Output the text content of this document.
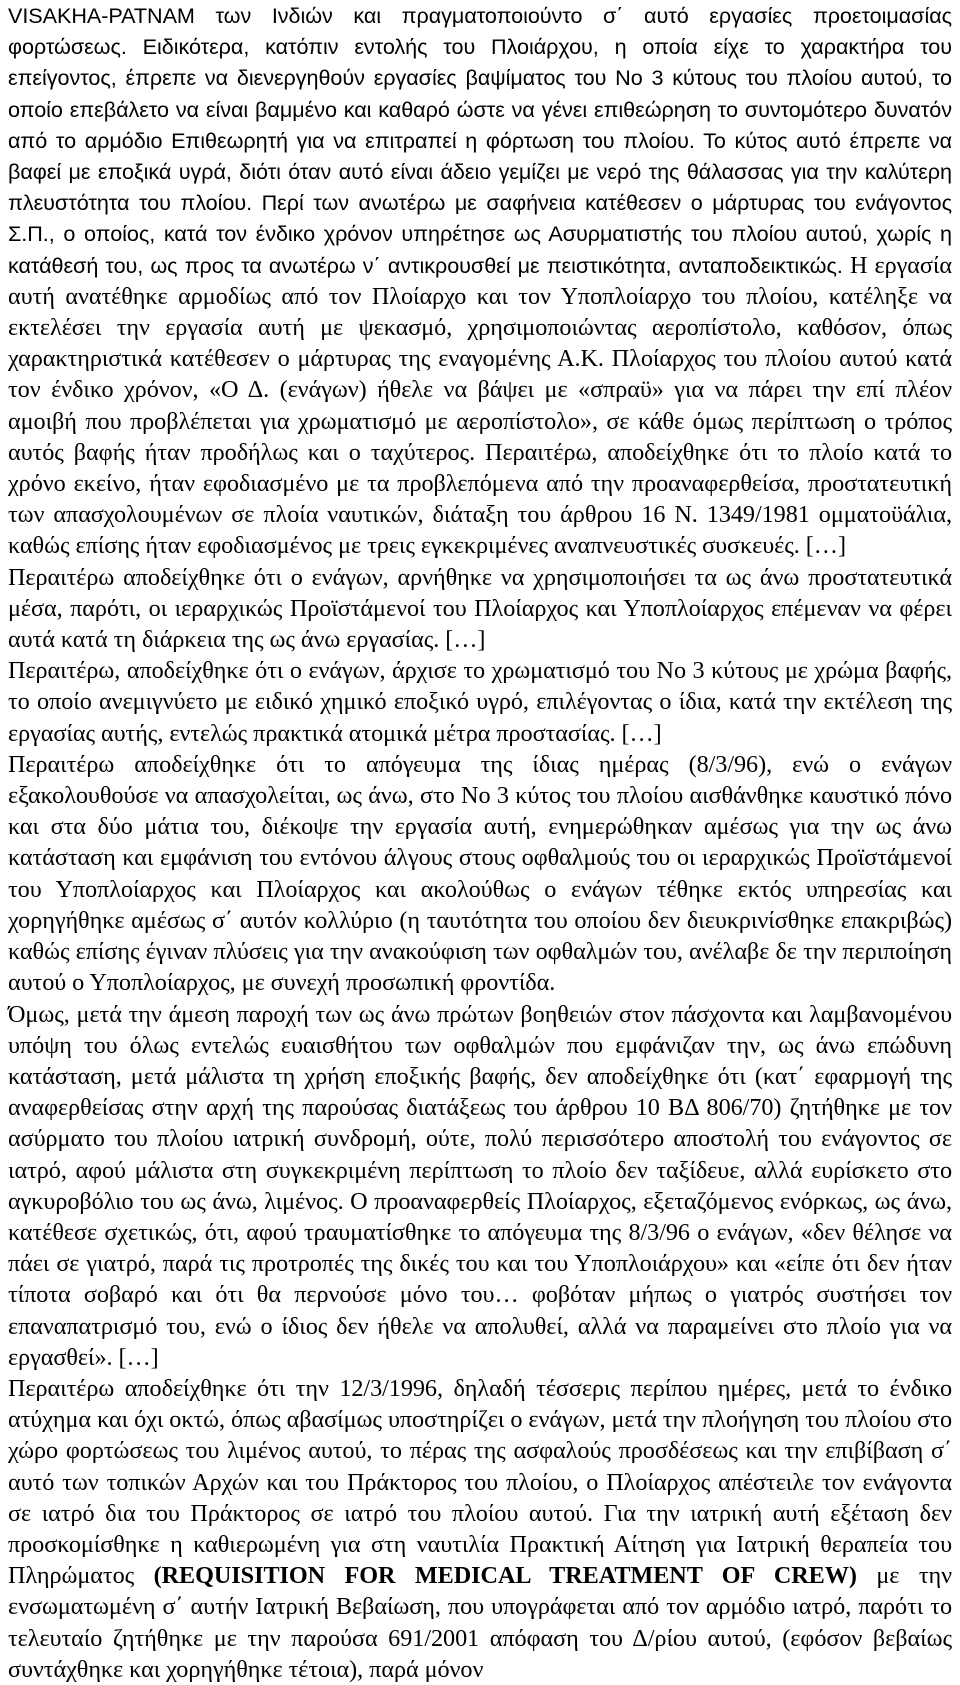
VISAKHA-PATNAM των Ινδιών και πραγματοποιούντο σ΄ αυτό εργασίες προετοιμασίας φορτώσεως. Ειδικότερα, κατόπιν εντολής του Πλοιάρχου, η οποία είχε το χαρακτήρα του επείγοντος, έπρεπε να διενεργηθούν εργασίες βαψίματος του Νο 3 κύτους του πλοίου αυτού, το οποίο επεβάλετο να είναι βαμμένο και καθαρό ώστε να γένει επιθεώρηση το συντομότερο δυνατόν από το αρμόδιο Επιθεωρητή για να επιτραπεί η φόρτωση του πλοίου. Το κύτος αυτό έπρεπε να βαφεί με εποξικά υγρά, διότι όταν αυτό είναι άδειο γεμίζει με νερό της θάλασσας για την καλύτερη πλευστότητα του πλοίου. Περί των ανωτέρω με σαφήνεια κατέθεσεν ο μάρτυρας του ενάγοντος Σ.Π., ο οποίος, κατά τον ένδικο χρόνον υπηρέτησε ως Ασυρματιστής του πλοίου αυτού, χωρίς η κατάθεσή του, ως προς τα ανωτέρω ν΄ αντικρουσθεί με πειστικότητα, ανταποδεικτικώς. Η εργασία αυτή ανατέθηκε αρμοδίως από τον Πλοίαρχο και τον Υποπλοίαρχο του πλοίου, κατέληξε να εκτελέσει την εργασία αυτή με ψεκασμό, χρησιμοποιώντας αεροπίστολο, καθόσον, όπως χαρακτηριστικά κατέθεσεν ο μάρτυρας της εναγομένης Α.Κ. Πλοίαρχος του πλοίου αυτού κατά τον ένδικο χρόνον, «Ο Δ. (ενάγων) ήθελε να βάψει με «σπραϋ» για να πάρει την επί πλέον αμοιβή που προβλέπεται για χρωματισμό με αεροπίστολο», σε κάθε όμως περίπτωση ο τρόπος αυτός βαφής ήταν προδήλως και ο ταχύτερος. Περαιτέρω, αποδείχθηκε ότι το πλοίο κατά το χρόνο εκείνο, ήταν εφοδιασμένο με τα προβλεπόμενα από την προαναφερθείσα, προστατευτική των απασχολουμένων σε πλοία ναυτικών, διάταξη του άρθρου 16 Ν. 1349/1981 ομματοϋάλια, καθώς επίσης ήταν εφοδιασμένος με τρεις εγκεκριμένες αναπνευστικές συσκευές. […]

Περαιτέρω αποδείχθηκε ότι ο ενάγων, αρνήθηκε να χρησιμοποιήσει τα ως άνω προστατευτικά μέσα, παρότι, οι ιεραρχικώς Προϊστάμενοί του Πλοίαρχος και Υποπλοίαρχος επέμεναν να φέρει αυτά κατά τη διάρκεια της ως άνω εργασίας. […]

Περαιτέρω, αποδείχθηκε ότι ο ενάγων, άρχισε το χρωματισμό του Νο 3 κύτους με χρώμα βαφής, το οποίο ανεμιγνύετο με ειδικό χημικό εποξικό υγρό, επιλέγοντας ο ίδια, κατά την εκτέλεση της εργασίας αυτής, εντελώς πρακτικά ατομικά μέτρα προστασίας. […]

Περαιτέρω αποδείχθηκε ότι το απόγευμα της ίδιας ημέρας (8/3/96), ενώ ο ενάγων εξακολουθούσε να απασχολείται, ως άνω, στο Νο 3 κύτος του πλοίου αισθάνθηκε καυστικό πόνο και στα δύο μάτια του, διέκοψε την εργασία αυτή, ενημερώθηκαν αμέσως για την ως άνω κατάσταση και εμφάνιση του εντόνου άλγους στους οφθαλμούς του οι ιεραρχικώς Προϊστάμενοί του Υποπλοίαρχος και Πλοίαρχος και ακολούθως ο ενάγων τέθηκε εκτός υπηρεσίας και χορηγήθηκε αμέσως σ΄ αυτόν κολλύριο (η ταυτότητα του οποίου δεν διευκρινίσθηκε επακριβώς) καθώς επίσης έγιναν πλύσεις για την ανακούφιση των οφθαλμών του, ανέλαβε δε την περιποίηση αυτού ο Υποπλοίαρχος, με συνεχή προσωπική φροντίδα.

Όμως, μετά την άμεση παροχή των ως άνω πρώτων βοηθειών στον πάσχοντα και λαμβανομένου υπόψη του όλως εντελώς ευαισθήτου των οφθαλμών που εμφάνιζαν την, ως άνω επώδυνη κατάσταση, μετά μάλιστα τη χρήση εποξικής βαφής, δεν αποδείχθηκε ότι (κατ΄ εφαρμογή της αναφερθείσας στην αρχή της παρούσας διατάξεως του άρθρου 10 ΒΔ 806/70) ζητήθηκε με τον ασύρματο του πλοίου ιατρική συνδρομή, ούτε, πολύ περισσότερο αποστολή του ενάγοντος σε ιατρό, αφού μάλιστα στη συγκεκριμένη περίπτωση το πλοίο δεν ταξίδευε, αλλά ευρίσκετο στο αγκυροβόλιο του ως άνω, λιμένος. Ο προαναφερθείς Πλοίαρχος, εξεταζόμενος ενόρκως, ως άνω, κατέθεσε σχετικώς, ότι, αφού τραυματίσθηκε το απόγευμα της 8/3/96 ο ενάγων, «δεν θέλησε να πάει σε γιατρό, παρά τις προτροπές της δικές του και του Υποπλοιάρχου» και «είπε ότι δεν ήταν τίποτα σοβαρό και ότι θα περνούσε μόνο του… φοβόταν μήπως ο γιατρός συστήσει τον επαναπατρισμό του, ενώ ο ίδιος δεν ήθελε να απολυθεί, αλλά να παραμείνει στο πλοίο για να εργασθεί». […]

Περαιτέρω αποδείχθηκε ότι την 12/3/1996, δηλαδή τέσσερις περίπου ημέρες, μετά το ένδικο ατύχημα και όχι οκτώ, όπως αβασίμως υποστηρίζει ο ενάγων, μετά την πλοήγηση του πλοίου στο χώρο φορτώσεως του λιμένος αυτού, το πέρας της ασφαλούς προσδέσεως και την επιβίβαση σ΄ αυτό των τοπικών Αρχών και του Πράκτορος του πλοίου, ο Πλοίαρχος απέστειλε τον ενάγοντα σε ιατρό δια του Πράκτορος σε ιατρό του πλοίου αυτού. Για την ιατρική αυτή εξέταση δεν προσκομίσθηκε η καθιερωμένη για στη ναυτιλία Πρακτική Αίτηση για Ιατρική θεραπεία του Πληρώματος (REQUISITION FOR MEDICAL TREATMENT OF CREW) με την ενσωματωμένη σ΄ αυτήν Ιατρική Βεβαίωση, που υπογράφεται από τον αρμόδιο ιατρό, παρότι το τελευταίο ζητήθηκε με την παρούσα 691/2001 απόφαση του Δ/ρίου αυτού, (εφόσον βεβαίως συντάχθηκε και χορηγήθηκε τέτοια), παρά μόνον
